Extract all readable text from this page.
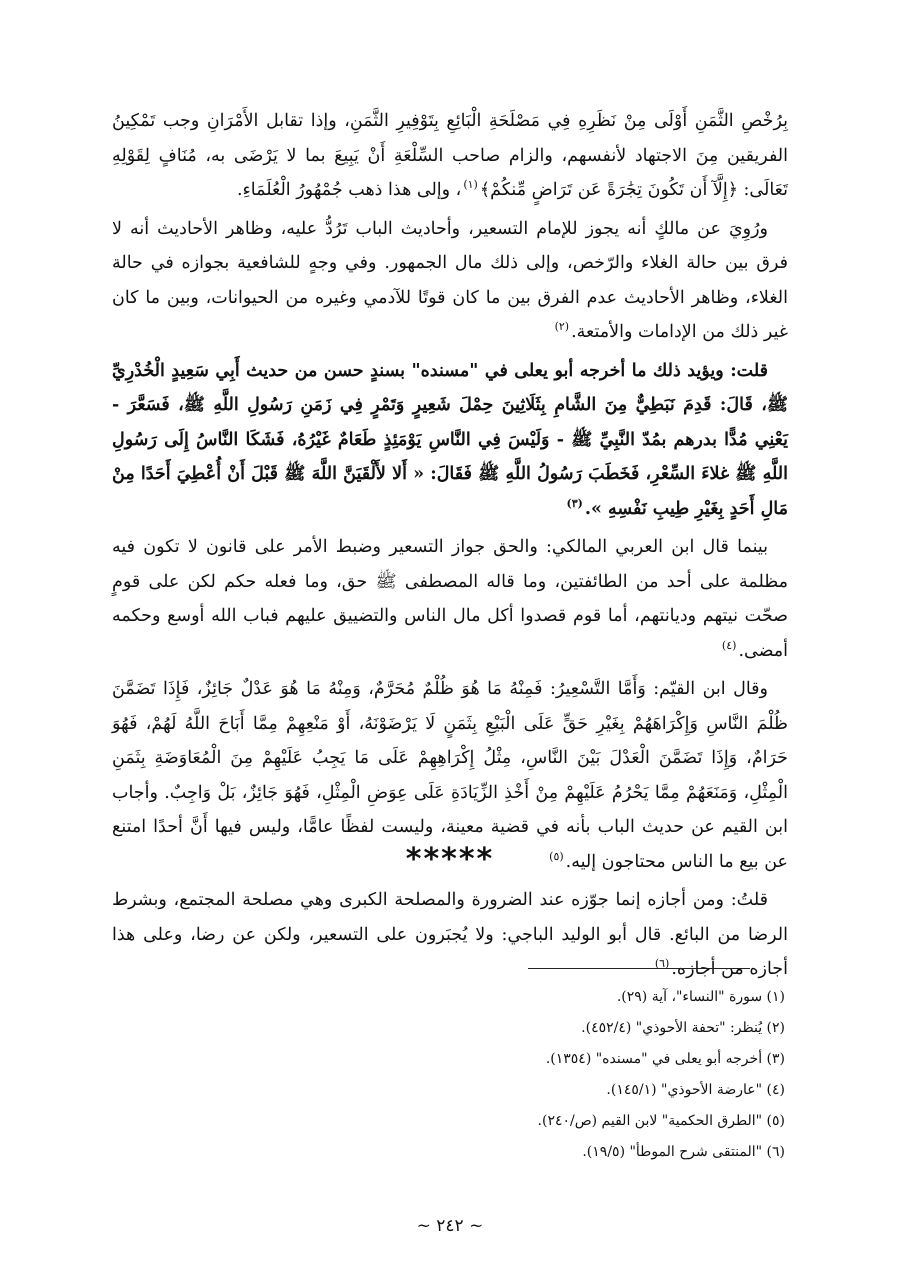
بِرُخْصِ الثَّمَنِ أَوْلَى مِنْ نَظَرِهِ فِي مَصْلَحَةِ الْبَائِعِ بِتَوْفِيرِ الثَّمَنِ، وإذا تقابل الأَمْرَانِ وجب تَمْكِينُ الفريقين مِنَ الاجتهاد لأنفسهم، والزام صاحب السِّلْعَةِ أَنْ يَبِيعَ بما لا يَرْضَى به، مُنَافٍ لِقَوْلِهِ تَعَالَى: ﴿إِلَّآ أَن تَكُونَ تِجَٰرَةً عَن تَرَاضٍ مِّنكُمْ﴾$^{(١)}$، وإلى هذا ذهب جُمْهُورُ الْعُلَمَاءِ.

ورُوِيَ عن مالكٍ أنه يجوز للإمام التسعير، وأحاديث الباب تَرُدُّ عليه، وظاهر الأحاديث أنه لا فرق بين حالة الغلاء والرّخص، وإلى ذلك مال الجمهور. وفي وجهٍ للشافعية بجوازه في حالة الغلاء، وظاهر الأحاديث عدم الفرق بين ما كان قوتًا للآدمي وغيره من الحيوانات، وبين ما كان غير ذلك من الإدامات والأمتعة.$^{(٢)}$

قلت: ويؤيد ذلك ما أخرجه أبو يعلى في "مسنده" بسندٍ حسن من حديث أَبِي سَعِيدٍ الْخُدْرِيِّ ﷺ، قَالَ: قَدِمَ نَبَطِيٌّ مِنَ الشَّامِ بِثَلَاثِينَ حِمْلَ شَعِيرٍ وَتَمْرٍ فِي زَمَنِ رَسُولِ اللَّهِ ﷺ، فَسَعَّرَ - يَعْنِي مُدًّا بدرهم بمُدّ النَّبِيِّ ﷺ - وَلَيْسَ فِي النَّاسِ يَوْمَئِذٍ طَعَامٌ غَيْرُهُ، فَشَكَا النَّاسُ إِلَى رَسُولِ اللَّهِ ﷺ غلاءَ السِّعْرِ، فَخَطَبَ رَسُولُ اللَّهِ ﷺ فَقَالَ: « أَلا لأَلْقَيَنَّ اللَّهَ ﷺ قَبْلَ أَنْ أُعْطِيَ أَحَدًا مِنْ مَالِ أَحَدٍ بِغَيْرِ طِيبِ نَفْسِهِ ».$^{(٣)}$

بينما قال ابن العربي المالكي: والحق جواز التسعير وضبط الأمر على قانون لا تكون فيه مظلمة على أحد من الطائفتين، وما قاله المصطفى ﷺ حق، وما فعله حكم لكن على قومٍ صحّت نيتهم وديانتهم، أما قوم قصدوا أكل مال الناس والتضييق عليهم فباب الله أوسع وحكمه أمضى.$^{(٤)}$

وقال ابن القيّم: وَأَمَّا التَّسْعِيرُ: فَمِنْهُ مَا هُوَ ظُلْمٌ مُحَرَّمٌ، وَمِنْهُ مَا هُوَ عَدْلٌ جَائِزٌ، فَإِذَا تَضَمَّنَ ظُلْمَ النَّاسِ وَإِكْرَاهَهُمْ بِغَيْرِ حَقٍّ عَلَى الْبَيْعِ بِثَمَنٍ لَا يَرْضَوْنَهُ، أَوْ مَنْعِهِمْ مِمَّا أَبَاحَ اللَّهُ لَهُمْ، فَهُوَ حَرَامٌ، وَإِذَا تَضَمَّنَ الْعَدْلَ بَيْنَ النَّاسِ، مِثْلُ إِكْرَاهِهِمْ عَلَى مَا يَجِبُ عَلَيْهِمْ مِنَ الْمُعَاوَضَةِ بِثَمَنِ الْمِثْلِ، وَمَنَعَهُمْ مِمَّا يَحْرُمُ عَلَيْهِمْ مِنْ أَخْذِ الزِّيَادَةِ عَلَى عِوَضِ الْمِثْلِ، فَهُوَ جَائِزٌ، بَلْ وَاجِبٌ. وأجاب ابن القيم عن حديث الباب بأنه في قضية معينة، وليست لفظًا عامًّا، وليس فيها أَنَّ أحدًا امتنع عن بيع ما الناس محتاجون إليه.$^{(٥)}$

قلتُ: ومن أجازه إنما جوّزه عند الضرورة والمصلحة الكبرى وهي مصلحة المجتمع، وبشرط الرضا من البائع. قال أبو الوليد الباجي: ولا يُجبَرون على التسعير، ولكن عن رضا، وعلى هذا أجازه من أجازه.$^{(٦)}$

*****
(١) سورة "النساء"، آية (٢٩).
(٢) يُنظر: "تحفة الأحوذي" (٤٥٢/٤).
(٣) أخرجه أبو يعلى في "مسنده" (١٣٥٤).
(٤) "عارضة الأحوذي" (١٤٥/١).
(٥) "الطرق الحكمية" لابن القيم (ص/٢٤٠).
(٦) "المنتقى شرح الموطأ" (١٩/٥).
~ ٢٤٢ ~
